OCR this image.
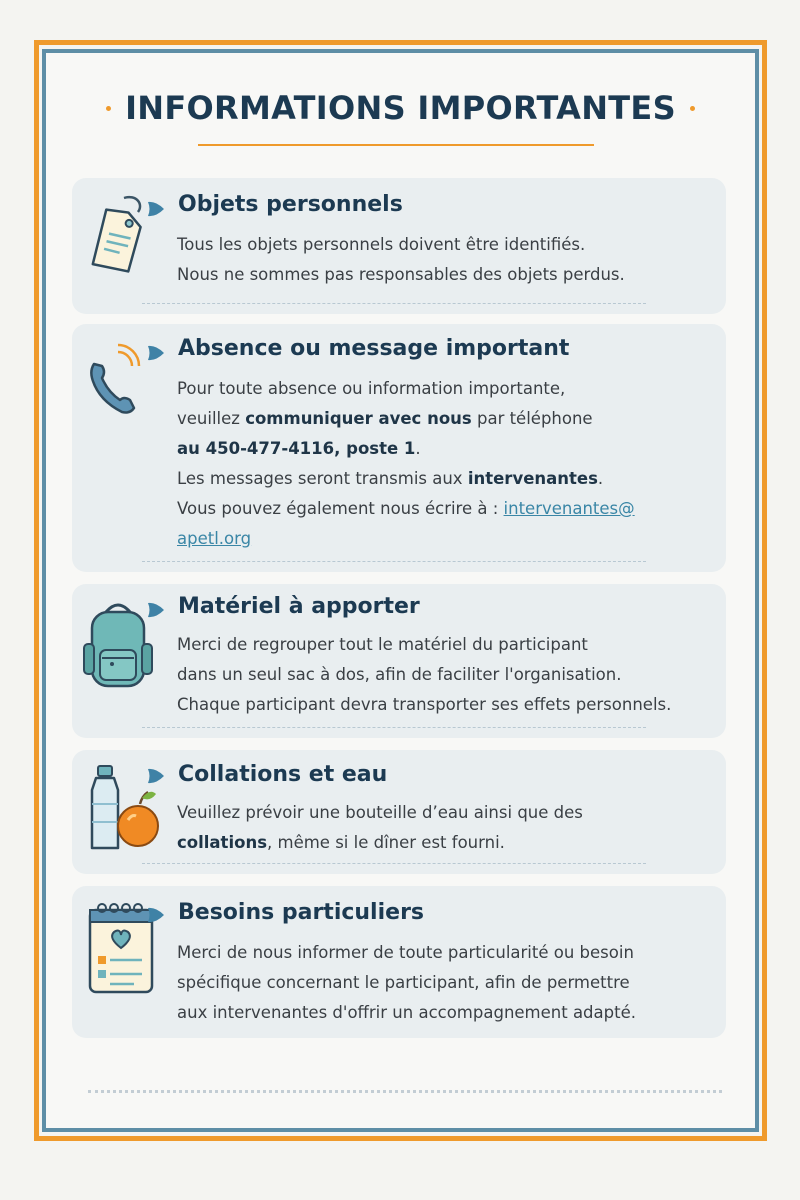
INFORMATIONS IMPORTANTES
Objets personnels
Tous les objets personnels doivent être identifiés.
Nous ne sommes pas responsables des objets perdus.
Absence ou message important
Pour toute absence ou information importante,
veuillez communiquer avec nous par téléphone
au 450-477-4116, poste 1.
Les messages seront transmis aux intervenantes.
Vous pouvez également nous écrire à : intervenantes@
apetl.org
Matériel à apporter
Merci de regrouper tout le matériel du participant
dans un seul sac à dos, afin de faciliter l'organisation.
Chaque participant devra transporter ses effets personnels.
Collations et eau
Veuillez prévoir une bouteille d’eau ainsi que des
collations, même si le dîner est fourni.
Besoins particuliers
Merci de nous informer de toute particularité ou besoin
spécifique concernant le participant, afin de permettre
aux intervenantes d'offrir un accompagnement adapté.
